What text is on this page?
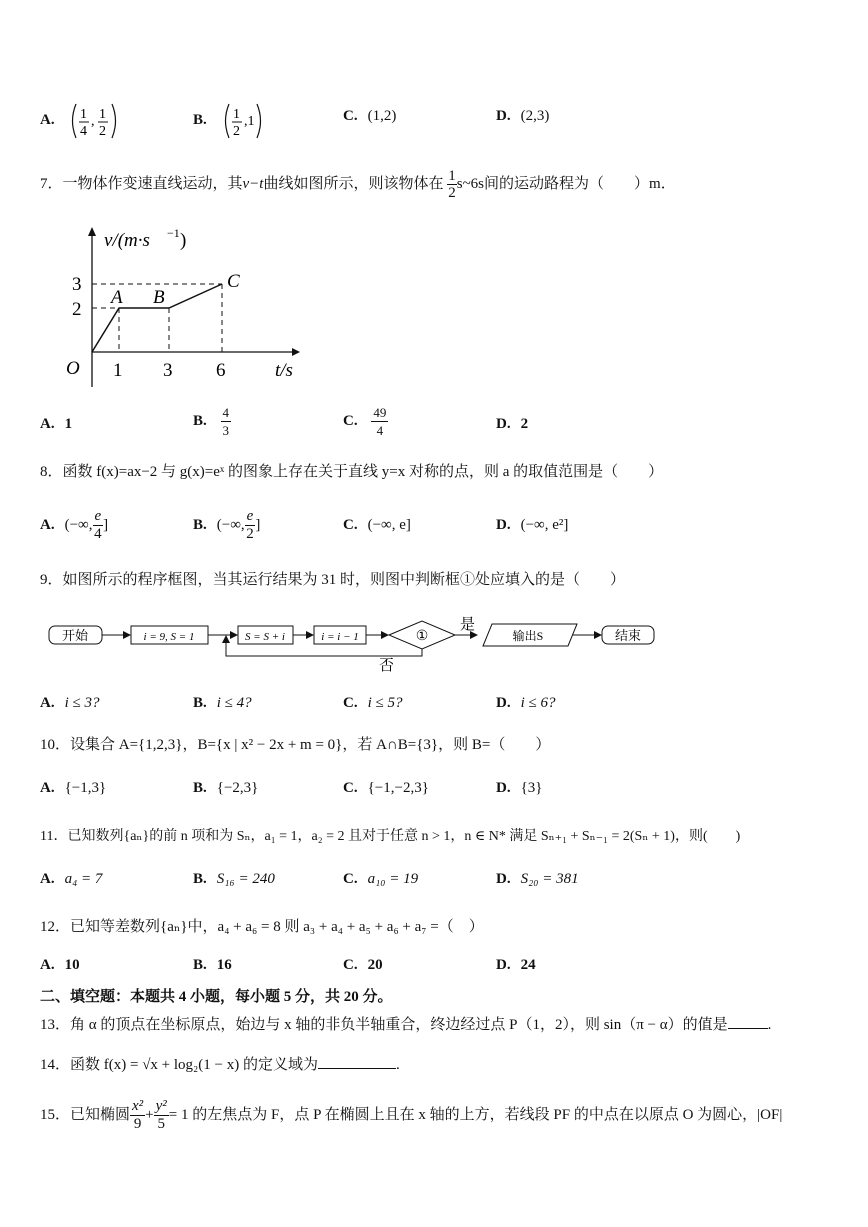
A. 1
4
, 1
2
B. 1
2
,1	C. (1,2)	D. (2,3)
7．一物体作变速直线运动，其v−t曲线如图所示，则该物体在 $\frac{1}{2}$ s~6s间的运动路程为（　　）m．
v/(m·s −1 )
t/s
O 1 3 6
2
3
A B
C
A. 1	B. $\frac{4}{3}$	C. $\frac{49}{4}$	D. 2
8．函数 f(x)=ax−2 与 g(x)=eˣ 的图象上存在关于直线 y=x 对称的点，则 a 的取值范围是（　　）
A. (−∞, $\frac{e}{4}$ ]	B. (−∞, $\frac{e}{2}$ ]	C. (−∞, e]	D. (−∞, e²]
9．如图所示的程序框图，当其运行结果为 31 时，则图中判断框①处应填入的是（　　）
开始	i = 9, S = 1	S = S + i	i = i − 1	①
是
输出S	结束
否
A. i ≤ 3?	B. i ≤ 4?	C. i ≤ 5?	D. i ≤ 6?
10．设集合 A={1,2,3}，B={x | x² − 2x + m = 0}，若 A∩B={3}，则 B=（　　）
A. {−1,3}	B. {−2,3}	C. {−1,−2,3}	D. {3}
11．已知数列{aₙ}的前 n 项和为 Sₙ，a₁ = 1，a₂ = 2 且对于任意 n > 1，n ∈ N* 满足 Sₙ₊₁ + Sₙ₋₁ = 2(Sₙ + 1)，则(　　)
A. a₄ = 7	B. S₁₆ = 240	C. a₁₀ = 19	D. S₂₀ = 381
12．已知等差数列{aₙ}中，a₄ + a₆ = 8 则 a₃ + a₄ + a₅ + a₆ + a₇ =（　）
A. 10	B. 16	C. 20	D. 24
二、填空题：本题共 4 小题，每小题 5 分，共 20 分。
13．角 α 的顶点在坐标原点，始边与 x 轴的非负半轴重合，终边经过点 P（1，2），则 sin（π − α）的值是	.
14．函数 f(x) = √x + log₂(1 − x) 的定义域为	.
15．已知椭圆 $\frac{\text{x²}}{9} + \frac{\text{y²}}{5} = 1$ 的左焦点为 F，点 P 在椭圆上且在 x 轴的上方，若线段 PF 的中点在以原点 O 为圆心，|OF|
